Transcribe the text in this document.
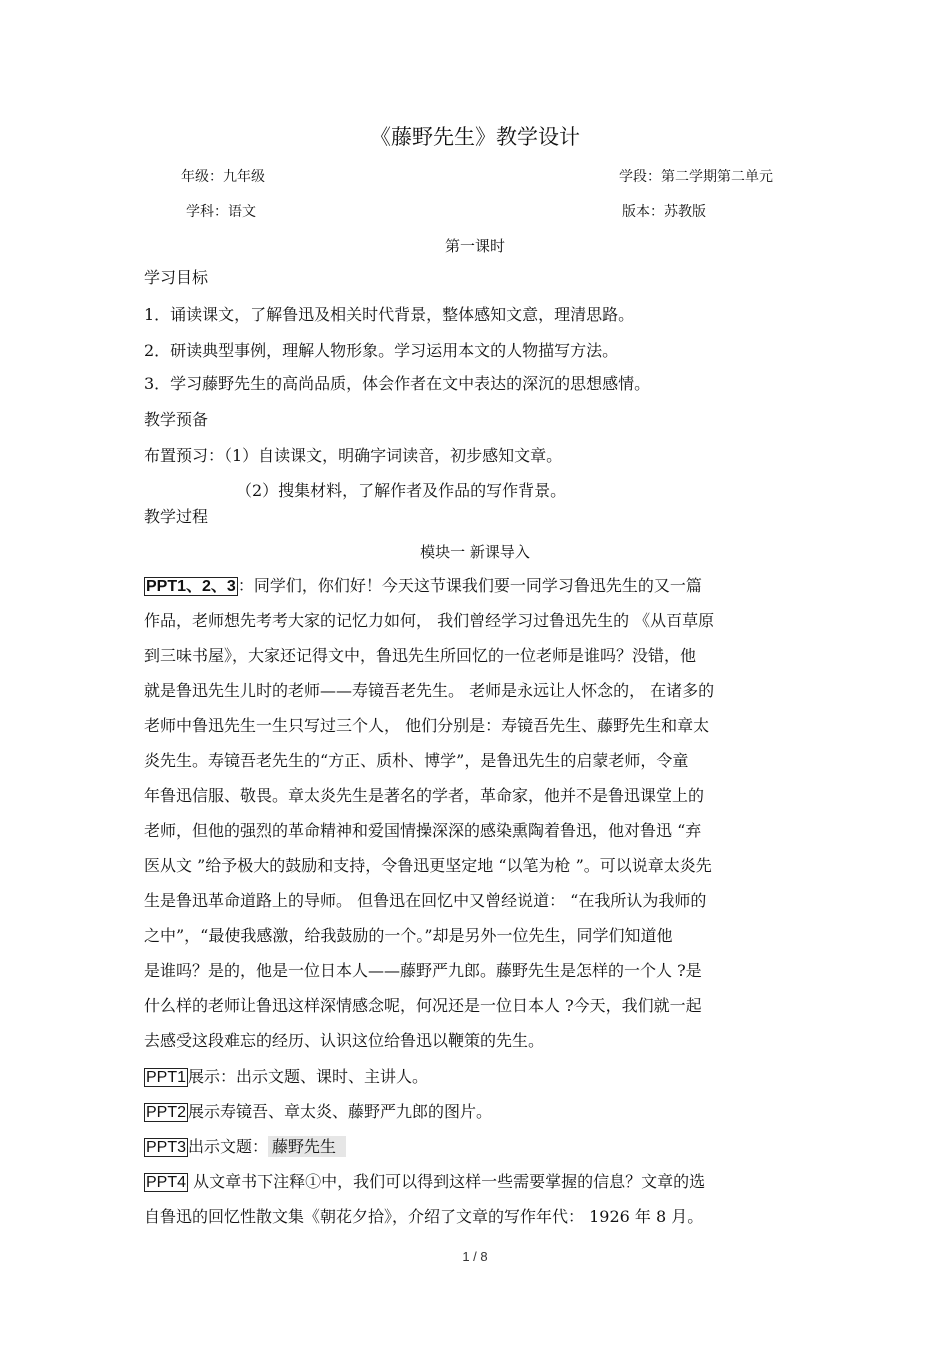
《藤野先生》教学设计
年级：九年级	学段：第二学期第二单元
学科：语文	版本：苏教版
第一课时
学习目标
1．诵读课文，了解鲁迅及相关时代背景，整体感知文意，理清思路。
2．研读典型事例，理解人物形象。学习运用本文的人物描写方法。
3．学习藤野先生的高尚品质，体会作者在文中表达的深沉的思想感情。
教学预备
布置预习：（1）自读课文，明确字词读音，初步感知文章。
（2）搜集材料，了解作者及作品的写作背景。
教学过程
模块一 新课导入
PPT1、2、3 ：同学们，你们好！今天这节课我们要一同学习鲁迅先生的又一篇
作品，老师想先考考大家的记忆力如何， 我们曾经学习过鲁迅先生的 《从百草原
到三味书屋》，大家还记得文中，鲁迅先生所回忆的一位老师是谁吗？没错，他
就是鲁迅先生儿时的老师——寿镜吾老先生。 老师是永远让人怀念的， 在诸多的
老师中鲁迅先生一生只写过三个人， 他们分别是：寿镜吾先生、藤野先生和章太
炎先生。寿镜吾老先生的“方正、质朴、博学”，是鲁迅先生的启蒙老师，令童
年鲁迅信服、敬畏。章太炎先生是著名的学者，革命家，他并不是鲁迅课堂上的
老师，但他的强烈的革命精神和爱国情操深深的感染熏陶着鲁迅，他对鲁迅 “弃
医从文 ”给予极大的鼓励和支持，令鲁迅更坚定地 “以笔为枪 ”。可以说章太炎先
生是鲁迅革命道路上的导师。 但鲁迅在回忆中又曾经说道： “在我所认为我师的
之中”，“最使我感激，给我鼓励的一个。”却是另外一位先生，同学们知道他
是谁吗？是的，他是一位日本人——藤野严九郎。藤野先生是怎样的一个人 ?是
什么样的老师让鲁迅这样深情感念呢，何况还是一位日本人 ?今天，我们就一起
去感受这段难忘的经历、认识这位给鲁迅以鞭策的先生。
PPT1 展示：出示文题、课时、主讲人。
PPT2 展示寿镜吾、章太炎、藤野严九郎的图片。
PPT3 出示文题： 藤野先生
PPT4 从文章书下注释①中，我们可以得到这样一些需要掌握的信息？文章的选
自鲁迅的回忆性散文集《朝花夕拾》，介绍了文章的写作年代： 1926 年 8 月。
1 / 8
